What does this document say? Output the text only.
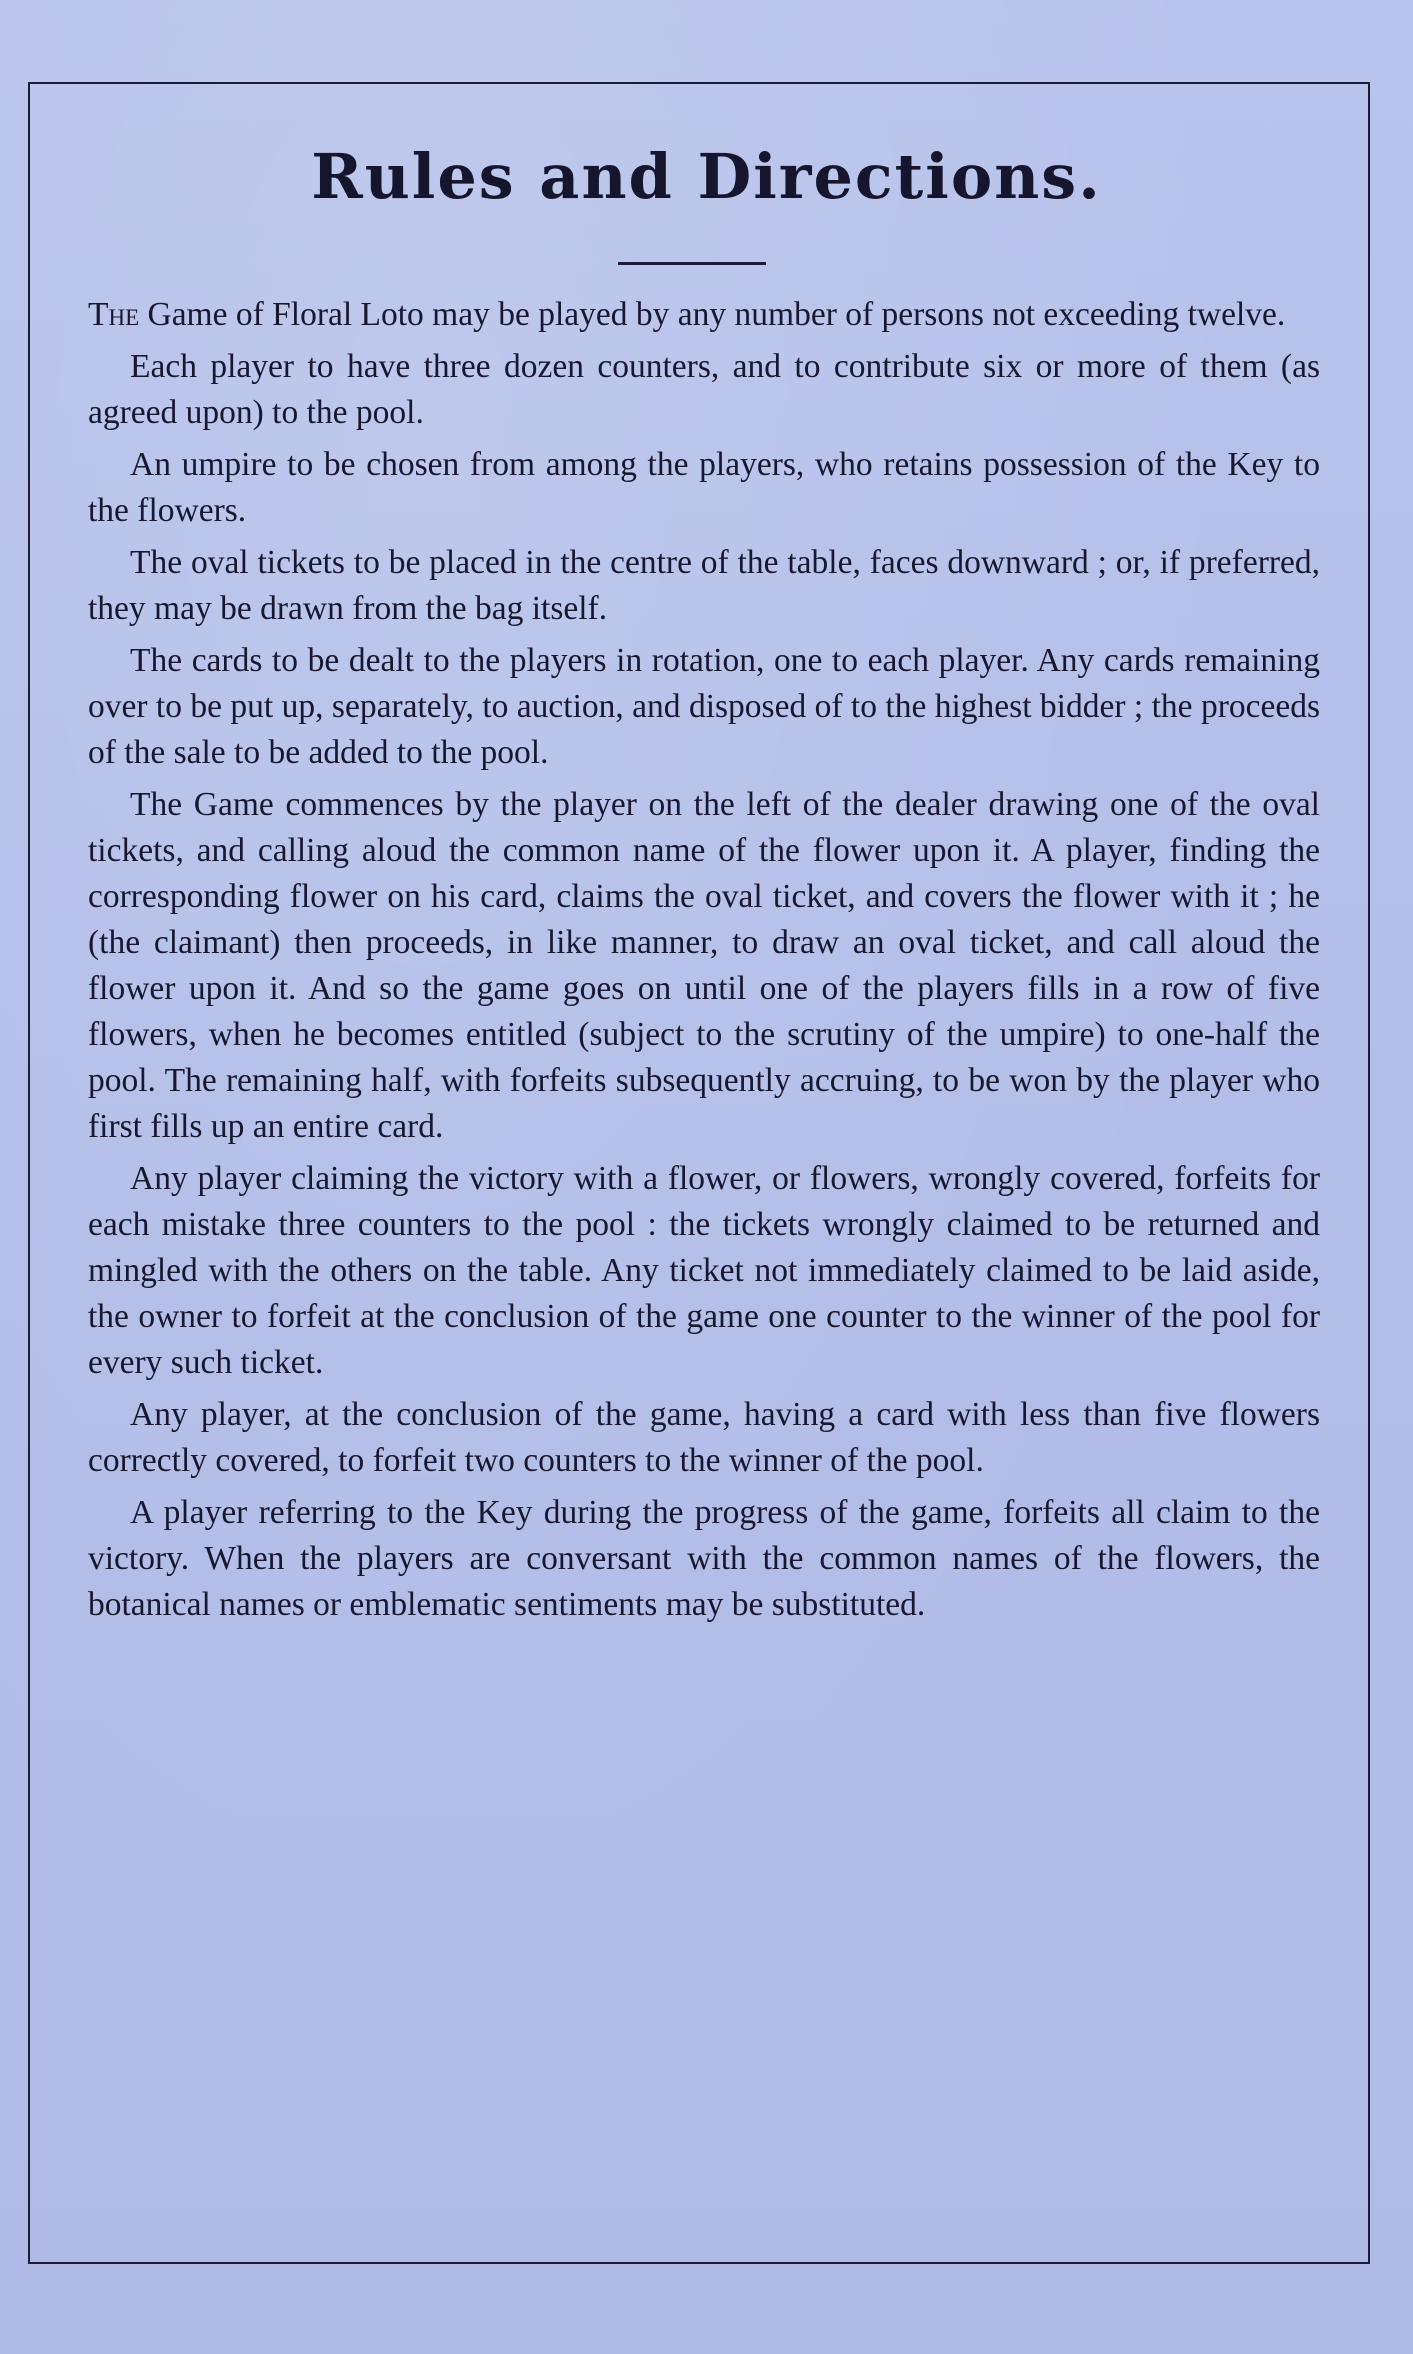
Rules and Directions.

The Game of Floral Loto may be played by any number of persons not exceeding twelve.

Each player to have three dozen counters, and to contribute six or more of them (as agreed upon) to the pool.

An umpire to be chosen from among the players, who retains possession of the Key to the flowers.

The oval tickets to be placed in the centre of the table, faces downward ; or, if preferred, they may be drawn from the bag itself.

The cards to be dealt to the players in rotation, one to each player. Any cards remaining over to be put up, separately, to auction, and disposed of to the highest bidder ; the proceeds of the sale to be added to the pool.

The Game commences by the player on the left of the dealer drawing one of the oval tickets, and calling aloud the common name of the flower upon it. A player, finding the corresponding flower on his card, claims the oval ticket, and covers the flower with it ; he (the claimant) then proceeds, in like manner, to draw an oval ticket, and call aloud the flower upon it. And so the game goes on until one of the players fills in a row of five flowers, when he becomes entitled (subject to the scrutiny of the umpire) to one-half the pool. The remaining half, with forfeits subsequently accruing, to be won by the player who first fills up an entire card.

Any player claiming the victory with a flower, or flowers, wrongly covered, forfeits for each mistake three counters to the pool : the tickets wrongly claimed to be returned and mingled with the others on the table. Any ticket not immediately claimed to be laid aside, the owner to forfeit at the conclusion of the game one counter to the winner of the pool for every such ticket.

Any player, at the conclusion of the game, having a card with less than five flowers correctly covered, to forfeit two counters to the winner of the pool.

A player referring to the Key during the progress of the game, forfeits all claim to the victory. When the players are conversant with the common names of the flowers, the botanical names or emblematic sentiments may be substituted.
